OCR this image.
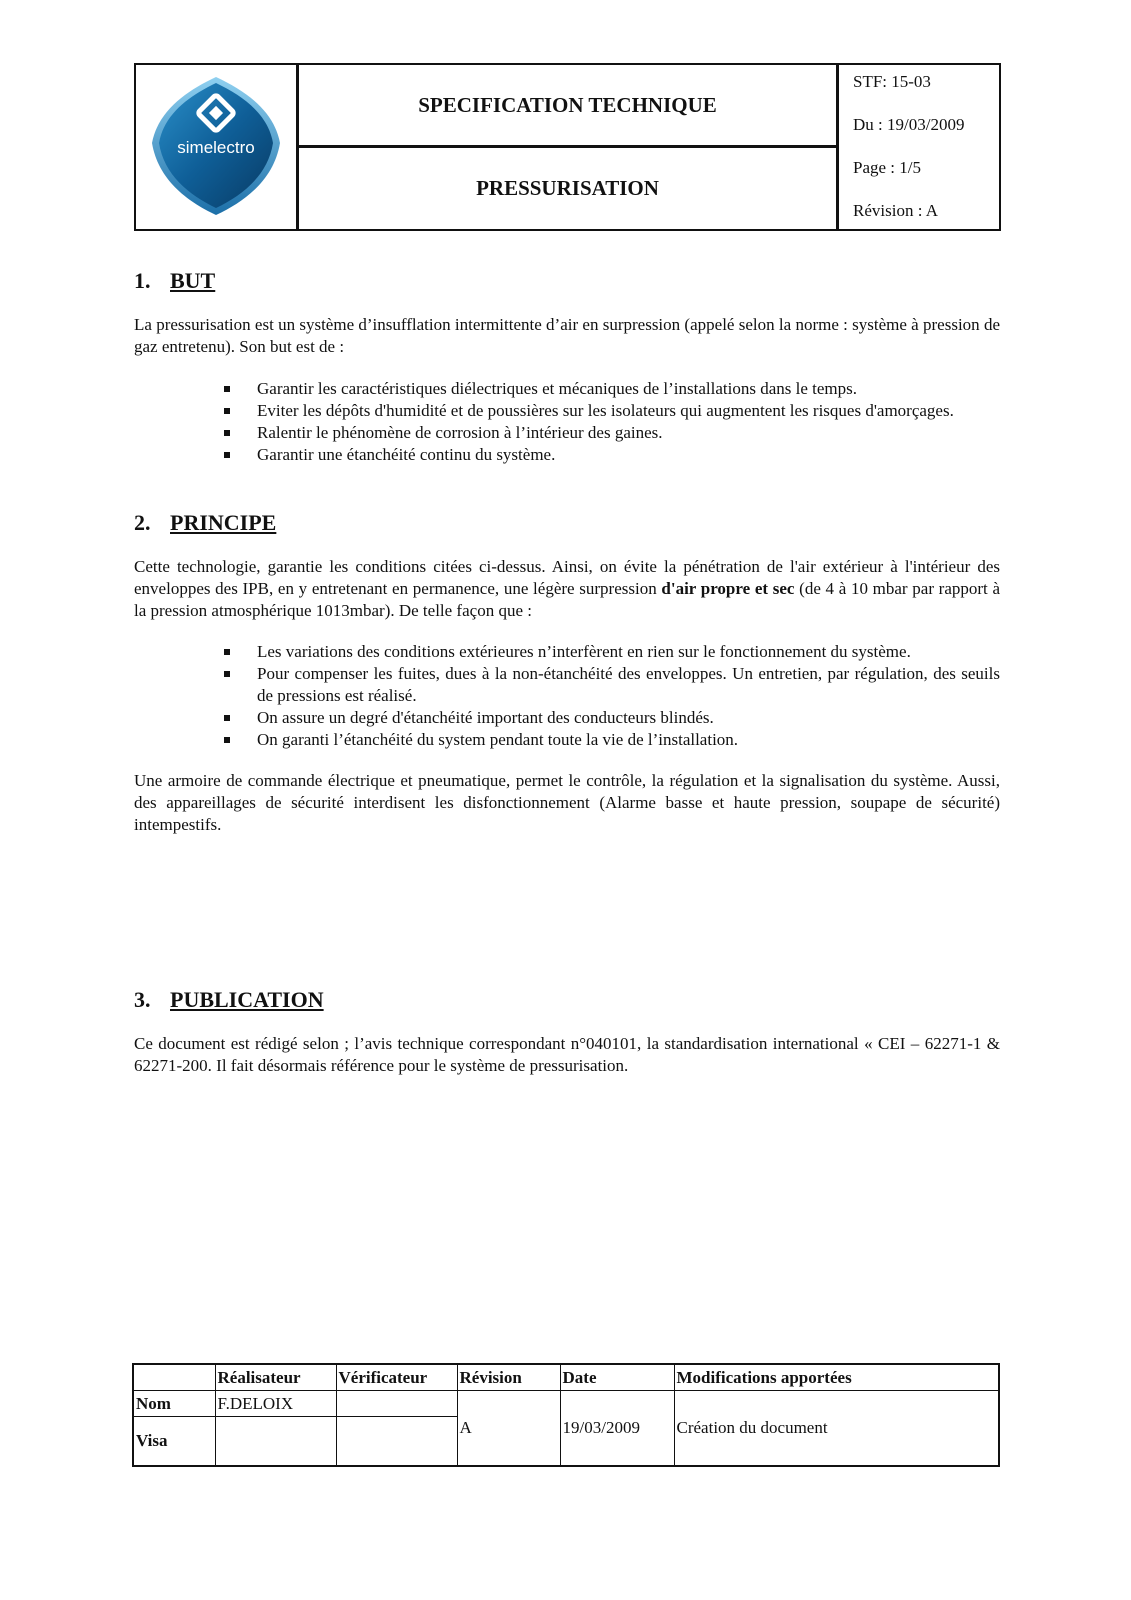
simelectro
SPECIFICATION TECHNIQUE
PRESSURISATION
STF: 15-03
Du : 19/03/2009
Page : 1/5
Révision : A
1. BUT
La pressurisation est un système d’insufflation intermittente d’air en surpression (appelé selon la norme : système à pression de gaz entretenu). Son but est de :
Garantir les caractéristiques diélectriques et mécaniques de l’installations dans le temps.
Eviter les dépôts d'humidité et de poussières sur les isolateurs qui augmentent les risques d'amorçages.
Ralentir le phénomène de corrosion à l’intérieur des gaines.
Garantir une étanchéité continu du système.
2. PRINCIPE
Cette technologie, garantie les conditions citées ci-dessus. Ainsi, on évite la pénétration de l'air extérieur à l'intérieur des enveloppes des IPB, en y entretenant en permanence, une légère surpression d'air propre et sec (de 4 à 10 mbar par rapport à la pression atmosphérique 1013mbar). De telle façon que :
Les variations des conditions extérieures n’interfèrent en rien sur le fonctionnement du système.
Pour compenser les fuites, dues à la non-étanchéité des enveloppes. Un entretien, par régulation, des seuils de pressions est réalisé.
On assure un degré d'étanchéité important des conducteurs blindés.
On garanti l’étanchéité du system pendant toute la vie de l’installation.
Une armoire de commande électrique et pneumatique, permet le contrôle, la régulation et la signalisation du système. Aussi, des appareillages de sécurité interdisent les disfonctionnement (Alarme basse et haute pression, soupape de sécurité) intempestifs.
3. PUBLICATION
Ce document est rédigé selon ; l’avis technique correspondant n°040101, la standardisation international « CEI – 62271-1 & 62271-200. Il fait désormais référence pour le système de pressurisation.
	Réalisateur	Vérificateur	Révision	Date	Modifications apportées
Nom	F.DELOIX		A	19/03/2009	Création du document
Visa					
